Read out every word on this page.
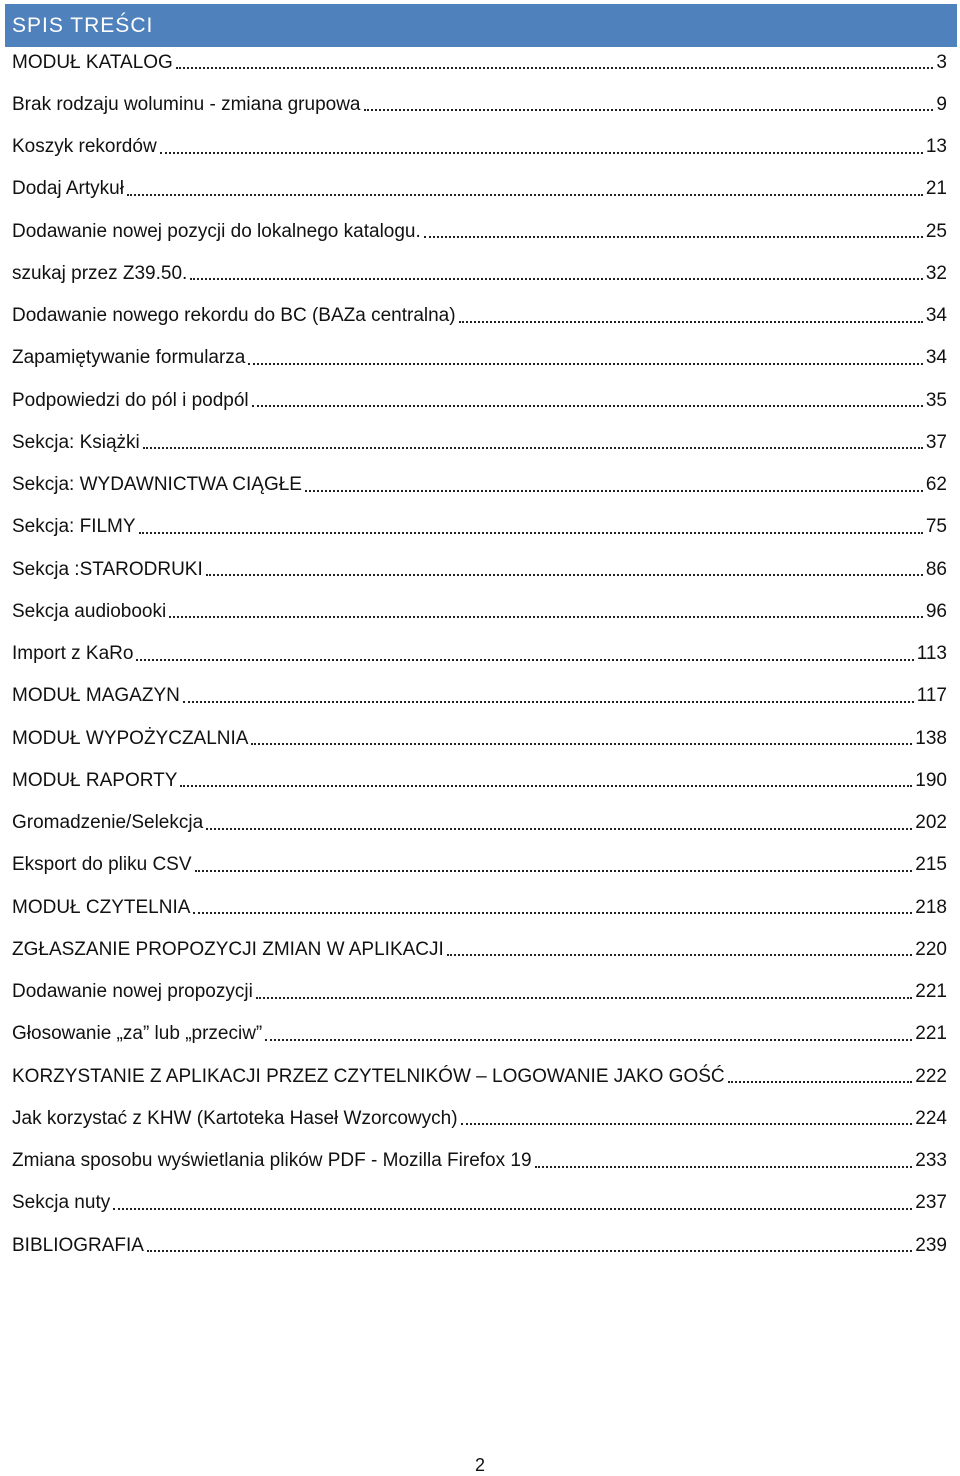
SPIS TREŚCI
MODUŁ KATALOG	3
Brak rodzaju woluminu - zmiana grupowa	9
Koszyk rekordów	13
Dodaj Artykuł	21
Dodawanie nowej pozycji do lokalnego katalogu.	25
szukaj przez Z39.50.	32
Dodawanie nowego rekordu do BC (BAZa centralna)	34
Zapamiętywanie formularza	34
Podpowiedzi do pól i podpól	35
Sekcja: Książki	37
Sekcja: WYDAWNICTWA CIĄGŁE	62
Sekcja: FILMY	75
Sekcja :STARODRUKI	86
Sekcja audiobooki	96
Import z KaRo	113
MODUŁ MAGAZYN	117
MODUŁ WYPOŻYCZALNIA	138
MODUŁ RAPORTY	190
Gromadzenie/Selekcja	202
Eksport do pliku CSV	215
MODUŁ CZYTELNIA	218
ZGŁASZANIE PROPOZYCJI ZMIAN W APLIKACJI	220
Dodawanie nowej propozycji	221
Głosowanie „za” lub „przeciw”	221
KORZYSTANIE Z APLIKACJI PRZEZ CZYTELNIKÓW – LOGOWANIE JAKO GOŚĆ	222
Jak korzystać z KHW (Kartoteka Haseł Wzorcowych)	224
Zmiana sposobu wyświetlania plików PDF - Mozilla Firefox 19	233
Sekcja nuty	237
BIBLIOGRAFIA	239
2
